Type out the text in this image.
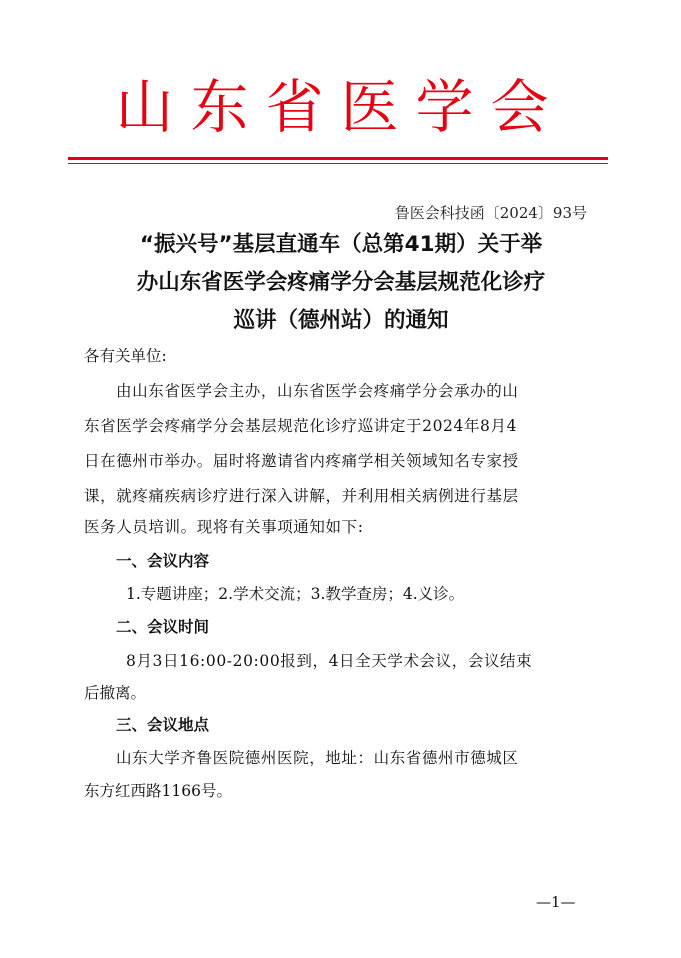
山东省医学会
鲁医会科技函〔2024〕93号
“振兴号”基层直通车（总第41期）关于举
办山东省医学会疼痛学分会基层规范化诊疗
巡讲（德州站）的通知
各有关单位:
由山东省医学会主办，山东省医学会疼痛学分会承办的山
东省医学会疼痛学分会基层规范化诊疗巡讲定于2024年8月4
日在德州市举办。届时将邀请省内疼痛学相关领域知名专家授
课，就疼痛疾病诊疗进行深入讲解，并利用相关病例进行基层
医务人员培训。现将有关事项通知如下:
一、会议内容
1.专题讲座；2.学术交流；3.教学查房；4.义诊。
二、会议时间
8月3日16:00-20:00报到，4日全天学术会议，会议结束
后撤离。
三、会议地点
山东大学齐鲁医院德州医院，地址：山东省德州市德城区
东方红西路1166号。
—1—
